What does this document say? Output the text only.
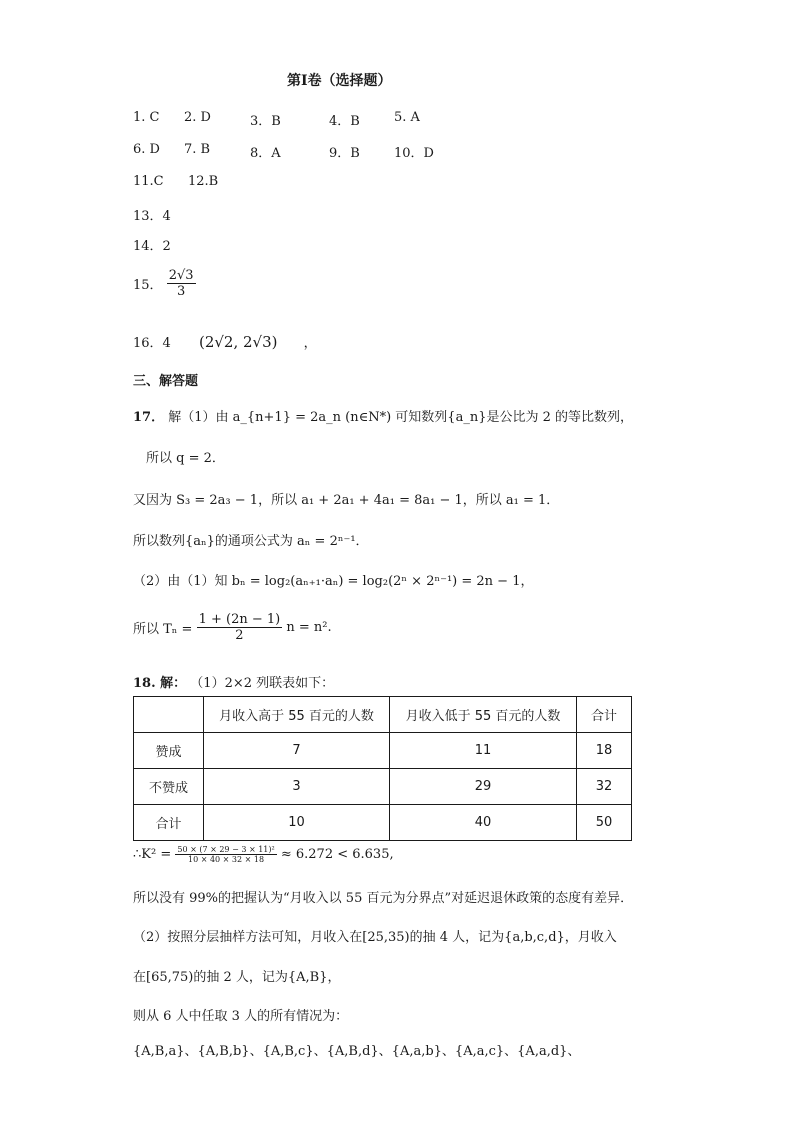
第Ⅰ卷（选择题）
1. C 2. D	3．B	4．B	5. A
6. D 7. B	8．A	9．B	10．D
11.C 12.B
13．4
14．2
15． $\frac{2√3}{3}$
16．4 (2√2, 2√3) ，
三、解答题
17． 解（1）由 a_{n+1} = 2a_n (n∈N*) 可知数列{a_n}是公比为 2 的等比数列，
所以 q = 2．
又因为 S₃ = 2a₃ − 1，所以 a₁ + 2a₁ + 4a₁ = 8a₁ − 1，所以 a₁ = 1．
所以数列{aₙ}的通项公式为 aₙ = 2ⁿ⁻¹．
（2）由（1）知 bₙ = log₂(aₙ₊₁·aₙ) = log₂(2ⁿ × 2ⁿ⁻¹) = 2n − 1，
所以 $T_n = \frac{1 + (2n - 1)}{2}$ n = n².
18. 解： （1）2×2 列联表如下：
	月收入高于 55 百元的人数	月收入低于 55 百元的人数	合计
赞成	7	11	18
不赞成	3	29	32
合计	10	40	50
∴K² = $\frac{\text{50 × (7 × 29 − 3 × 11)²}}{10 \times 40 \times 32 \times 18} \approx 6.272 < 6.635$,
所以没有 99%的把握认为“月收入以 55 百元为分界点”对延迟退休政策的态度有差异．
（2）按照分层抽样方法可知，月收入在[25,35)的抽 4 人，记为{a,b,c,d}，月收入
在[65,75)的抽 2 人，记为{A,B}，
则从 6 人中任取 3 人的所有情况为：
{A,B,a}、{A,B,b}、{A,B,c}、{A,B,d}、{A,a,b}、{A,a,c}、{A,a,d}、
